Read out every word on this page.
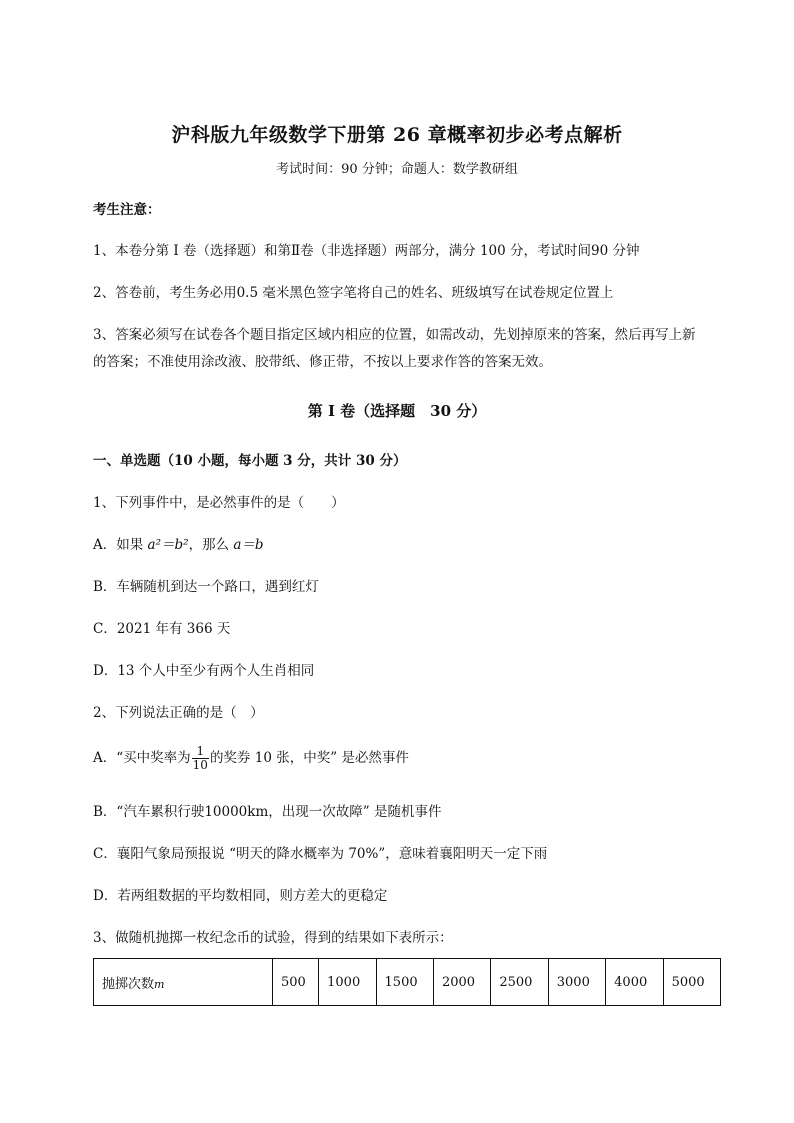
沪科版九年级数学下册第 26 章概率初步必考点解析
考试时间：90 分钟；命题人：数学教研组
考生注意：
1、本卷分第 I 卷（选择题）和第Ⅱ卷（非选择题）两部分，满分 100 分，考试时间90 分钟
2、答卷前，考生务必用0.5 毫米黑色签字笔将自己的姓名、班级填写在试卷规定位置上
3、答案必须写在试卷各个题目指定区域内相应的位置，如需改动，先划掉原来的答案，然后再写上新
的答案；不准使用涂改液、胶带纸、修正带，不按以上要求作答的答案无效。
第 I 卷（选择题　30 分）
一、单选题（10 小题，每小题 3 分，共计 30 分）
1、下列事件中，是必然事件的是（　　）
A．如果 a²＝b²，那么 a＝b
B．车辆随机到达一个路口，遇到红灯
C．2021 年有 366 天
D．13 个人中至少有两个人生肖相同
2、下列说法正确的是（　）
A．“买中奖率为 $\frac{1}{10}$ 的奖券 10 张，中奖” 是必然事件
B．“汽车累积行驶10000km，出现一次故障” 是随机事件
C．襄阳气象局预报说 “明天的降水概率为 70%”，意味着襄阳明天一定下雨
D．若两组数据的平均数相同，则方差大的更稳定
3、做随机抛掷一枚纪念币的试验，得到的结果如下表所示：
抛掷次数m	500	1000	1500	2000	2500	3000	4000	5000
